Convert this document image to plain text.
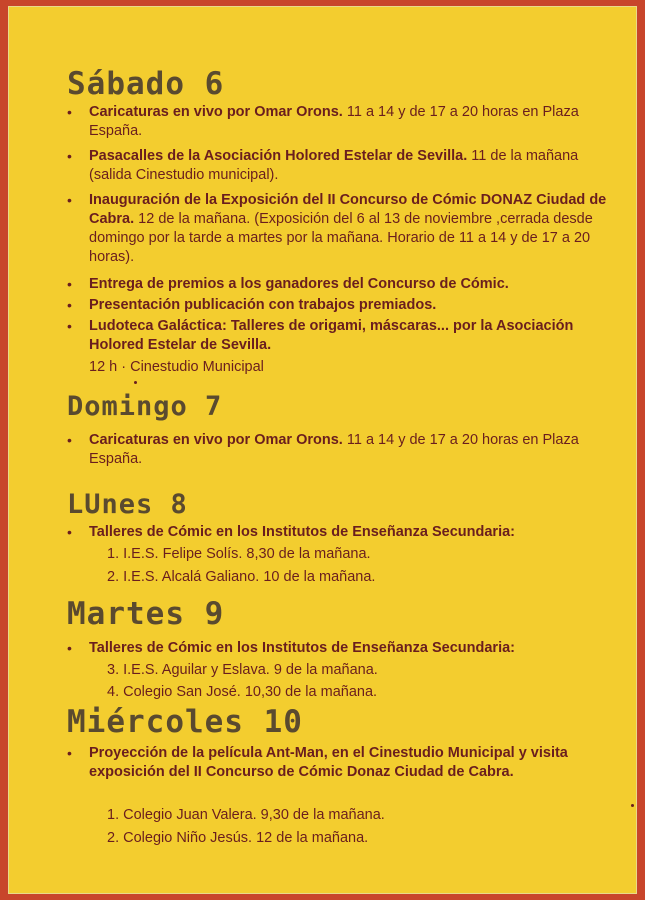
Sábado 6
• Caricaturas en vivo por Omar Orons. 11 a 14 y de 17 a 20 horas en Plaza España.
• Pasacalles de la Asociación Holored Estelar de Sevilla. 11 de la mañana (salida Cinestudio municipal).
• Inauguración de la Exposición del II Concurso de Cómic DONAZ Ciudad de Cabra. 12 de la mañana. (Exposición del 6 al 13 de noviembre ,cerrada desde domingo por la tarde a martes por la mañana. Horario de 11 a 14 y de 17 a 20 horas).
• Entrega de premios a los ganadores del Concurso de Cómic.
• Presentación publicación con trabajos premiados.
• Ludoteca Galáctica: Talleres de origami, máscaras... por la Asociación Holored Estelar de Sevilla.
12 h · Cinestudio Municipal
Domingo 7
• Caricaturas en vivo por Omar Orons. 11 a 14 y de 17 a 20 horas en Plaza España.
LUnes 8
• Talleres de Cómic en los Institutos de Enseñanza Secundaria:
1. I.E.S. Felipe Solís. 8,30 de la mañana.
2. I.E.S. Alcalá Galiano. 10 de la mañana.
Martes 9
• Talleres de Cómic en los Institutos de Enseñanza Secundaria:
3. I.E.S. Aguilar y Eslava. 9 de la mañana.
4. Colegio San José. 10,30 de la mañana.
Miércoles 10
• Proyección de la película Ant-Man, en el Cinestudio Municipal y visita exposición del II Concurso de Cómic Donaz Ciudad de Cabra.
1. Colegio Juan Valera. 9,30 de la mañana.
2. Colegio Niño Jesús. 12 de la mañana.
